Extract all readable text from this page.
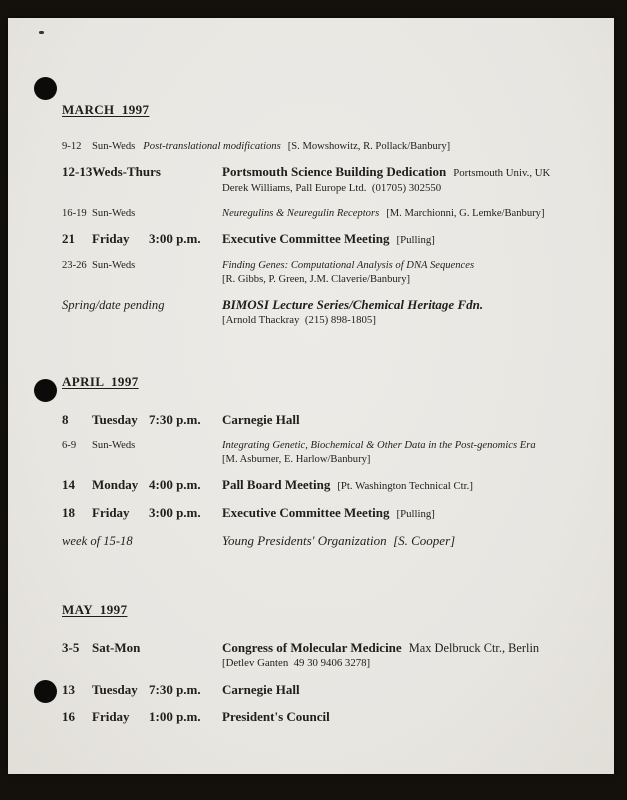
MARCH  1997
9-12 Sun-Weds Post-translational modifications [S. Mowshowitz, R. Pollack/Banbury]
12-13Weds-Thurs	Portsmouth Science Building Dedication Portsmouth Univ., UK
Derek Williams, Pall Europe Ltd.  (01705) 302550
16-19 Sun-Weds	Neuregulins & Neuregulin Receptors [M. Marchionni, G. Lemke/Banbury]
21 Friday 3:00 p.m.	Executive Committee Meeting [Pulling]
23-26 Sun-Weds	Finding Genes: Computational Analysis of DNA Sequences
[R. Gibbs, P. Green, J.M. Claverie/Banbury]
Spring/date pending	BIMOSI Lecture Series/Chemical Heritage Fdn.
[Arnold Thackray  (215) 898-1805]
APRIL  1997
8 Tuesday 7:30 p.m.	Carnegie Hall
6-9 Sun-Weds	Integrating Genetic, Biochemical & Other Data in the Post-genomics Era
[M. Asburner, E. Harlow/Banbury]
14 Monday 4:00 p.m.	Pall Board Meeting [Pt. Washington Technical Ctr.]
18 Friday 3:00 p.m.	Executive Committee Meeting [Pulling]
week of 15-18	Young Presidents' Organization  [S. Cooper]
MAY  1997
3-5 Sat-Mon	Congress of Molecular Medicine Max Delbruck Ctr., Berlin
[Detlev Ganten  49 30 9406 3278]
13 Tuesday 7:30 p.m.	Carnegie Hall
16 Friday 1:00 p.m.	President's Council
